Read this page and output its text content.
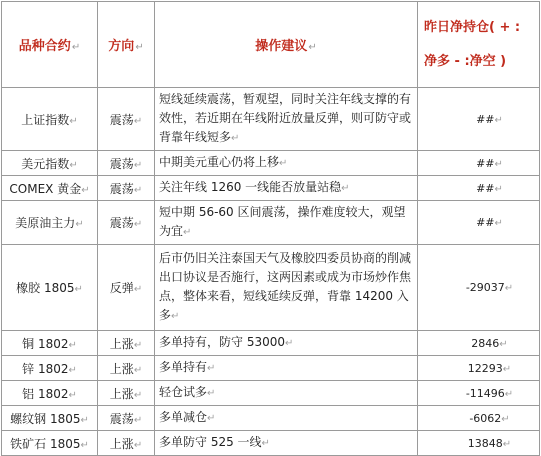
品种合约↵	方向↵	操作建议↵	昨日净持仓( + :
净多 - :净空 )

上证指数↵	震荡↵	短线延续震荡，暂观望，同时关注年线支撑的有效性，若近期在年线附近放量反弹，则可防守或背靠年线短多↵	##↵
美元指数↵	震荡↵	中期美元重心仍将上移↵	##↵
COMEX 黄金↵	震荡↵	关注年线 1260 一线能否放量站稳↵	##↵
美原油主力↵	震荡↵	短中期 56-60 区间震荡，操作难度较大，观望为宜↵	##↵
橡胶 1805↵	反弹↵	后市仍旧关注泰国天气及橡胶四委员协商的削减出口协议是否施行，这两因素或成为市场炒作焦点，整体来看，短线延续反弹，背靠 14200 入多↵	-29037↵
铜 1802↵	上涨↵	多单持有，防守 53000↵	2846↵
锌 1802↵	上涨↵	多单持有↵	12293↵
铝 1802↵	上涨↵	轻仓试多↵	-11496↵
螺纹钢 1805↵	震荡↵	多单减仓↵	-6062↵
铁矿石 1805↵	上涨↵	多单防守 525 一线↵	13848↵
